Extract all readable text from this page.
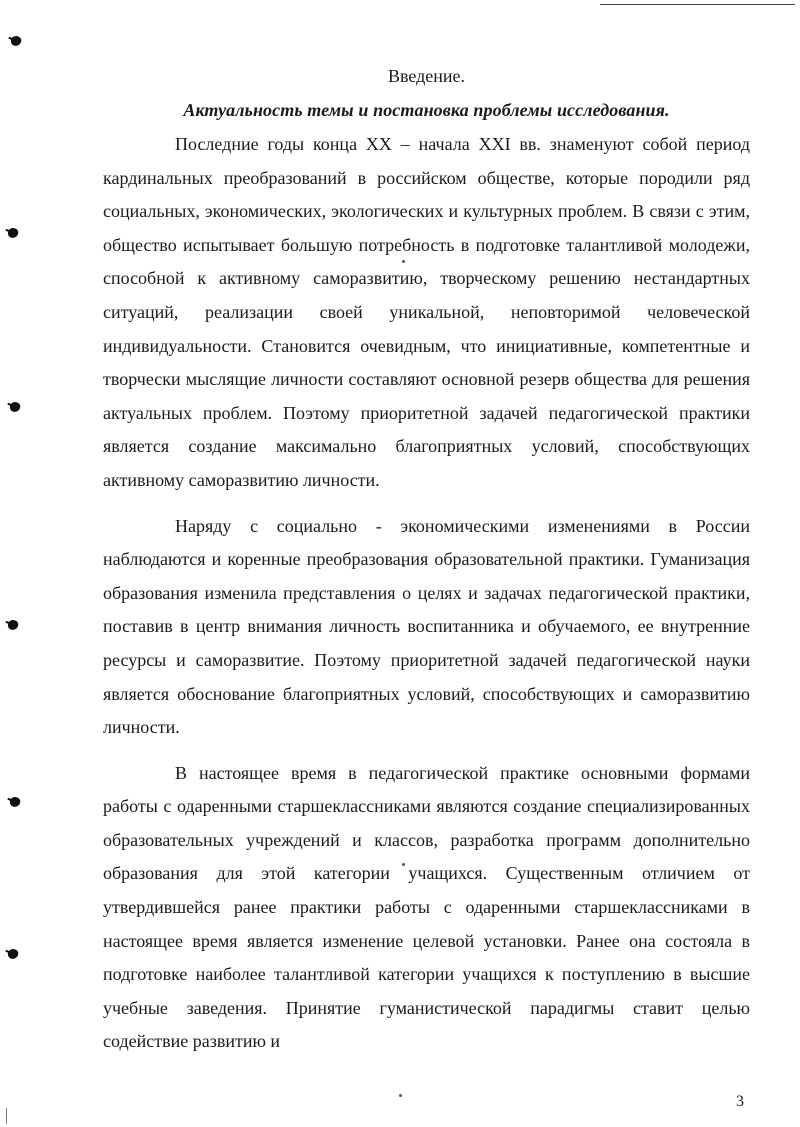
Введение.
Актуальность темы и постановка проблемы исследования.

Последние годы конца XX – начала XXI вв. знаменуют собой период кардинальных преобразований в российском обществе, которые породили ряд социальных, экономических, экологических и культурных проблем. В связи с этим, общество испытывает большую потребность в подготовке талантливой молодежи, способной к активному саморазвитию, творческому решению нестандартных ситуаций, реализации своей уникальной, неповторимой человеческой индивидуальности. Становится очевидным, что инициативные, компетентные и творчески мыслящие личности составляют основной резерв общества для решения актуальных проблем. Поэтому приоритетной задачей педагогической практики является создание максимально благоприятных условий, способствующих активному саморазвитию личности.

Наряду с социально - экономическими изменениями в России наблюдаются и коренные преобразования образовательной практики. Гуманизация образования изменила представления о целях и задачах педагогической практики, поставив в центр внимания личность воспитанника и обучаемого, ее внутренние ресурсы и саморазвитие. Поэтому приоритетной задачей педагогической науки является обоснование благоприятных условий, способствующих и саморазвитию личности.

В настоящее время в педагогической практике основными формами работы с одаренными старшеклассниками являются создание специализированных образовательных учреждений и классов, разработка программ дополнительно образования для этой категории учащихся. Существенным отличием от утвердившейся ранее практики работы с одаренными старшеклассниками в настоящее время является изменение целевой установки. Ранее она состояла в подготовке наиболее талантливой категории учащихся к поступлению в высшие учебные заведения. Принятие гуманистической парадигмы ставит целью содействие развитию и

3
